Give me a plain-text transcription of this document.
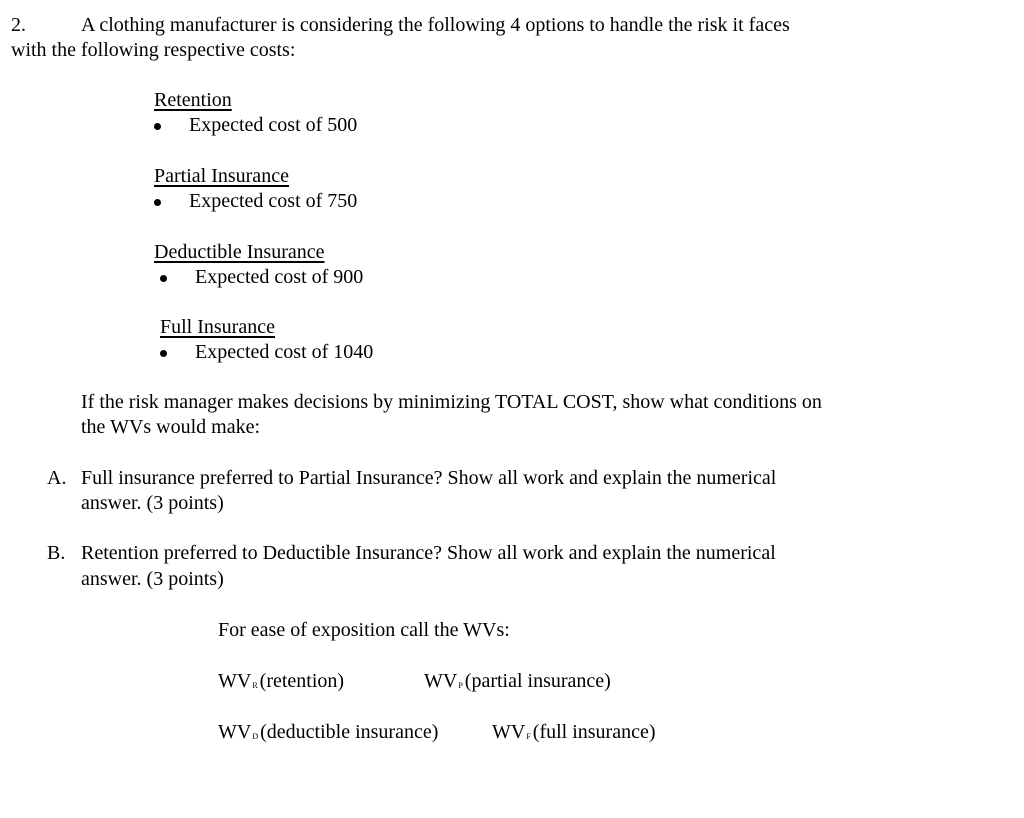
2.	A clothing manufacturer is considering the following 4 options to handle the risk it faces
with the following respective costs:
Retention
Expected cost of 500
Partial Insurance
Expected cost of 750
Deductible Insurance
Expected cost of 900
Full Insurance
Expected cost of 1040
If the risk manager makes decisions by minimizing TOTAL COST, show what conditions on
the WVs would make:
A. Full insurance preferred to Partial Insurance? Show all work and explain the numerical
answer. (3 points)
B. Retention preferred to Deductible Insurance? Show all work and explain the numerical
answer. (3 points)
For ease of exposition call the WVs:
$WV_R$ (retention)	$WV_P$ (partial insurance)
$WV_D$ (deductible insurance)	$WV_F$ (full insurance)
